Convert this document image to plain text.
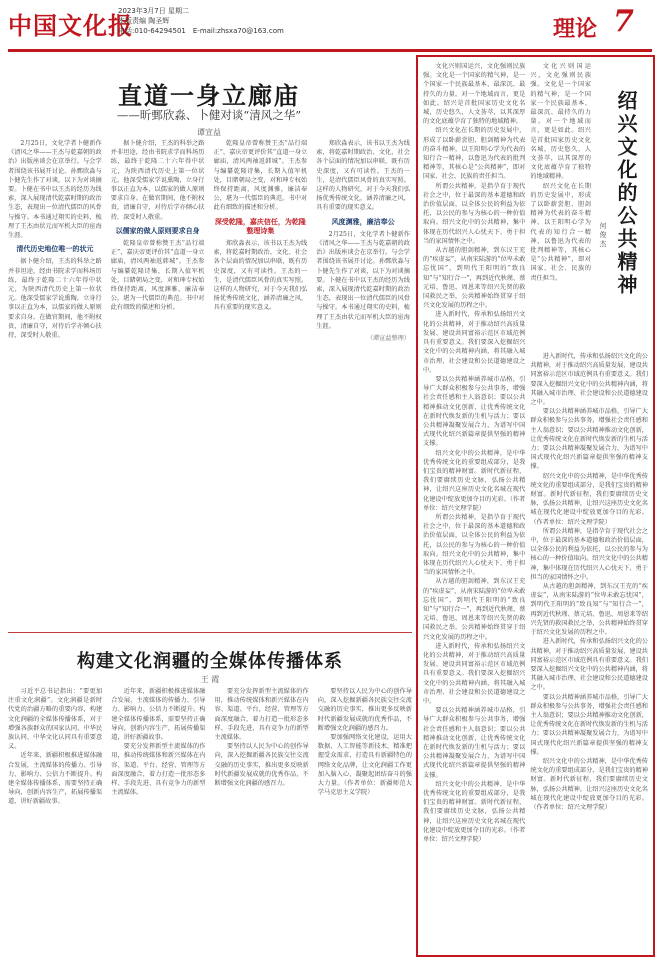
中国文化报
2023年3月7日 星期二
本版责编 陶圣辉
电话:010-64294501　E-mail:zhsxa70@163.com	理论 7
直道一身立廊庙
——昕鄄欣淼、卜健对谈“清风之华”
谭宣益

2月25日，文化学者卜健新作《清风之华——王杰与乾嘉朝的政治》出版座谈会在京举行。与会学者围绕该书展开讨论。孙鄄欣淼与卜健先生作了对谈，以下为对谈摘要。卜健在书中以王杰的经历为线索，深入展现清代乾嘉时期的政治生态，表现出一位清代儒臣的风骨与操守。本书通过翔实的史料，梳理了王杰由状元而军机大臣的宦海生涯。

清代历史地位唯一的状元

据卜健介绍，王杰的科举之路并非坦途，经由书院求学而科场历练，最终于乾隆二十六年得中状元，为陕西清代历史上第一位状元。他深受儒家学说熏陶，立身行事以正直为本，以儒家的做人原则要求自身。在做官期间，他不附权贵，清廉自守，对待后学亦倾心扶持，深受时人敬重。

据卜健介绍，王杰的科举之路并非坦途，经由书院求学而科场历练，最终于乾隆二十六年得中状元，为陕西清代历史上第一位状元。他深受儒家学说熏陶，立身行事以正直为本，以儒家的做人原则要求自身。在做官期间，他不附权贵，清廉自守，对待后学亦倾心扶持，深受时人敬重。

以儒家的做人原则要求自身

乾隆皇帝曾称赞王杰“品行端正”，嘉庆帝更评价其“直道一身立廊庙，清风两袖返韩城”。王杰参与编纂乾隆诗集，长期入值军机处，目睹朝局之变，对和珅专权始终保持距离，风度渊雅，廉洁奉公，堪为一代儒臣的典范。书中对此有细致的描述和分析。

乾隆皇帝曾称赞王杰“品行端正”，嘉庆帝更评价其“直道一身立廊庙，清风两袖返韩城”。王杰参与编纂乾隆诗集，长期入值军机处，目睹朝局之变，对和珅专权始终保持距离，风度渊雅，廉洁奉公，堪为一代儒臣的典范。书中对此有细致的描述和分析。

深受乾隆，嘉庆信任，为乾隆整理诗集

郑欣淼表示，该书以王杰为线索，将乾嘉时期政治、文化、社会各个层面的情况加以串联，既有历史深度，又有可读性。王杰的一生，是清代儒臣风骨的真实写照。这样的人物研究，对于今天我们弘扬优秀传统文化，涵养清廉之风，具有重要的现实意义。

郑欣淼表示，该书以王杰为线索，将乾嘉时期政治、文化、社会各个层面的情况加以串联，既有历史深度，又有可读性。王杰的一生，是清代儒臣风骨的真实写照。这样的人物研究，对于今天我们弘扬优秀传统文化，涵养清廉之风，具有重要的现实意义。

风度渊雅，廉洁奉公

2月25日，文化学者卜健新作《清风之华——王杰与乾嘉朝的政治》出版座谈会在京举行。与会学者围绕该书展开讨论。孙鄄欣淼与卜健先生作了对谈，以下为对谈摘要。卜健在书中以王杰的经历为线索，深入展现清代乾嘉时期的政治生态，表现出一位清代儒臣的风骨与操守。本书通过翔实的史料，梳理了王杰由状元而军机大臣的宦海生涯。

（谭宣益整理）
构建文化润疆的全媒体传播体系
王 霞

习近平总书记指出：“要更加注重文化润疆”。文化润疆是新时代党的治疆方略的重要内容，构建文化润疆的全媒体传播体系，对于增强各族群众的国家认同、中华民族认同、中华文化认同具有重要意义。

近年来，新疆积极推进媒体融合发展，主流媒体的传播力、引导力、影响力、公信力不断提升。构建全媒体传播体系，需要坚持正确导向，创新内容生产，拓展传播渠道，讲好新疆故事。

近年来，新疆积极推进媒体融合发展，主流媒体的传播力、引导力、影响力、公信力不断提升。构建全媒体传播体系，需要坚持正确导向，创新内容生产，拓展传播渠道，讲好新疆故事。

要充分发挥新型主流媒体的作用，推动传统媒体和新兴媒体在内容、渠道、平台、经营、管理等方面深度融合，着力打造一批形态多样、手段先进、具有竞争力的新型主流媒体。

要充分发挥新型主流媒体的作用，推动传统媒体和新兴媒体在内容、渠道、平台、经营、管理等方面深度融合，着力打造一批形态多样、手段先进、具有竞争力的新型主流媒体。

要坚持以人民为中心的创作导向，深入挖掘新疆各民族交往交流交融的历史事实，推出更多反映新时代新疆发展成就的优秀作品，不断增强文化润疆的感召力。

要坚持以人民为中心的创作导向，深入挖掘新疆各民族交往交流交融的历史事实，推出更多反映新时代新疆发展成就的优秀作品，不断增强文化润疆的感召力。

要加强网络文化建设，运用大数据、人工智能等新技术，精准把握受众需求，打造具有新疆特色的网络文化品牌，让文化润疆工作更加入脑入心，凝聚起团结奋斗的强大力量。（作者单位：新疆师范大学马克思主义学院）

文化兴则国运兴，文化强则民族强。文化是一个国家的精气神，是一个国家一个民族最基本、最深沉、最持久的力量。对一个地域而言，更是如此。绍兴是首批国家历史文化名城，历史悠久，人文荟萃，以其深厚的文化底蕴孕育了独特的地域精神。

绍兴文化在长期的历史发展中，形成了以卧薪尝胆、胆剑精神为代表的奋斗精神，以王阳明心学为代表的知行合一精神，以鲁迅为代表的批判精神等，其核心是“公共精神”，即对国家、社会、民族的责任担当。

所谓公共精神，是指孕育于现代社会之中，位于最深的基本道德和政治价值层面，以全体公民的利益为依托，以公民的参与为核心的一种价值取向。绍兴文化中的公共精神，集中体现在历代绍兴人心忧天下、勇于担当的家国情怀之中。

从古越的胆剑精神，到东汉王充的“疾虚妄”，从南宋陆游的“位卑未敢忘忧国”，到明代王阳明的“致良知”与“知行合一”，再到近代秋瑾、蔡元培、鲁迅、周恩来等绍兴先贤的救国救民之举，公共精神始终贯穿于绍兴文化发展的历程之中。

进入新时代，传承和弘扬绍兴文化的公共精神，对于推动绍兴高质量发展、建设共同富裕示范区市域范例具有重要意义。我们要深入挖掘绍兴文化中的公共精神内涵，将其融入城市治理、社会建设和公民道德建设之中。

要以公共精神涵养城市品格，引导广大群众积极参与公共事务，增强社会责任感和主人翁意识；要以公共精神推动文化创新，让优秀传统文化在新时代焕发新的生机与活力；要以公共精神凝聚发展合力，为谱写中国式现代化绍兴新篇章提供坚强的精神支撑。

绍兴文化中的公共精神，是中华优秀传统文化的重要组成部分，是我们宝贵的精神财富。新时代新征程，我们要赓续历史文脉，弘扬公共精神，让绍兴这座历史文化名城在现代化建设中绽放更加夺目的光彩。（作者单位：绍兴文理学院）

所谓公共精神，是指孕育于现代社会之中，位于最深的基本道德和政治价值层面，以全体公民的利益为依托，以公民的参与为核心的一种价值取向。绍兴文化中的公共精神，集中体现在历代绍兴人心忧天下、勇于担当的家国情怀之中。

从古越的胆剑精神，到东汉王充的“疾虚妄”，从南宋陆游的“位卑未敢忘忧国”，到明代王阳明的“致良知”与“知行合一”，再到近代秋瑾、蔡元培、鲁迅、周恩来等绍兴先贤的救国救民之举，公共精神始终贯穿于绍兴文化发展的历程之中。

进入新时代，传承和弘扬绍兴文化的公共精神，对于推动绍兴高质量发展、建设共同富裕示范区市域范例具有重要意义。我们要深入挖掘绍兴文化中的公共精神内涵，将其融入城市治理、社会建设和公民道德建设之中。

要以公共精神涵养城市品格，引导广大群众积极参与公共事务，增强社会责任感和主人翁意识；要以公共精神推动文化创新，让优秀传统文化在新时代焕发新的生机与活力；要以公共精神凝聚发展合力，为谱写中国式现代化绍兴新篇章提供坚强的精神支撑。

绍兴文化中的公共精神，是中华优秀传统文化的重要组成部分，是我们宝贵的精神财富。新时代新征程，我们要赓续历史文脉，弘扬公共精神，让绍兴这座历史文化名城在现代化建设中绽放更加夺目的光彩。（作者单位：绍兴文理学院）

文化兴则国运兴，文化强则民族强。文化是一个国家的精气神，是一个国家一个民族最基本、最深沉、最持久的力量。对一个地域而言，更是如此。绍兴是首批国家历史文化名城，历史悠久，人文荟萃，以其深厚的文化底蕴孕育了独特的地域精神。

绍兴文化在长期的历史发展中，形成了以卧薪尝胆、胆剑精神为代表的奋斗精神，以王阳明心学为代表的知行合一精神，以鲁迅为代表的批判精神等，其核心是“公共精神”，即对国家、社会、民族的责任担当。	绍兴文化的公共精神
何俊杰

进入新时代，传承和弘扬绍兴文化的公共精神，对于推动绍兴高质量发展、建设共同富裕示范区市域范例具有重要意义。我们要深入挖掘绍兴文化中的公共精神内涵，将其融入城市治理、社会建设和公民道德建设之中。

要以公共精神涵养城市品格，引导广大群众积极参与公共事务，增强社会责任感和主人翁意识；要以公共精神推动文化创新，让优秀传统文化在新时代焕发新的生机与活力；要以公共精神凝聚发展合力，为谱写中国式现代化绍兴新篇章提供坚强的精神支撑。

绍兴文化中的公共精神，是中华优秀传统文化的重要组成部分，是我们宝贵的精神财富。新时代新征程，我们要赓续历史文脉，弘扬公共精神，让绍兴这座历史文化名城在现代化建设中绽放更加夺目的光彩。（作者单位：绍兴文理学院）

所谓公共精神，是指孕育于现代社会之中，位于最深的基本道德和政治价值层面，以全体公民的利益为依托，以公民的参与为核心的一种价值取向。绍兴文化中的公共精神，集中体现在历代绍兴人心忧天下、勇于担当的家国情怀之中。

从古越的胆剑精神，到东汉王充的“疾虚妄”，从南宋陆游的“位卑未敢忘忧国”，到明代王阳明的“致良知”与“知行合一”，再到近代秋瑾、蔡元培、鲁迅、周恩来等绍兴先贤的救国救民之举，公共精神始终贯穿于绍兴文化发展的历程之中。

进入新时代，传承和弘扬绍兴文化的公共精神，对于推动绍兴高质量发展、建设共同富裕示范区市域范例具有重要意义。我们要深入挖掘绍兴文化中的公共精神内涵，将其融入城市治理、社会建设和公民道德建设之中。

要以公共精神涵养城市品格，引导广大群众积极参与公共事务，增强社会责任感和主人翁意识；要以公共精神推动文化创新，让优秀传统文化在新时代焕发新的生机与活力；要以公共精神凝聚发展合力，为谱写中国式现代化绍兴新篇章提供坚强的精神支撑。

绍兴文化中的公共精神，是中华优秀传统文化的重要组成部分，是我们宝贵的精神财富。新时代新征程，我们要赓续历史文脉，弘扬公共精神，让绍兴这座历史文化名城在现代化建设中绽放更加夺目的光彩。（作者单位：绍兴文理学院）
